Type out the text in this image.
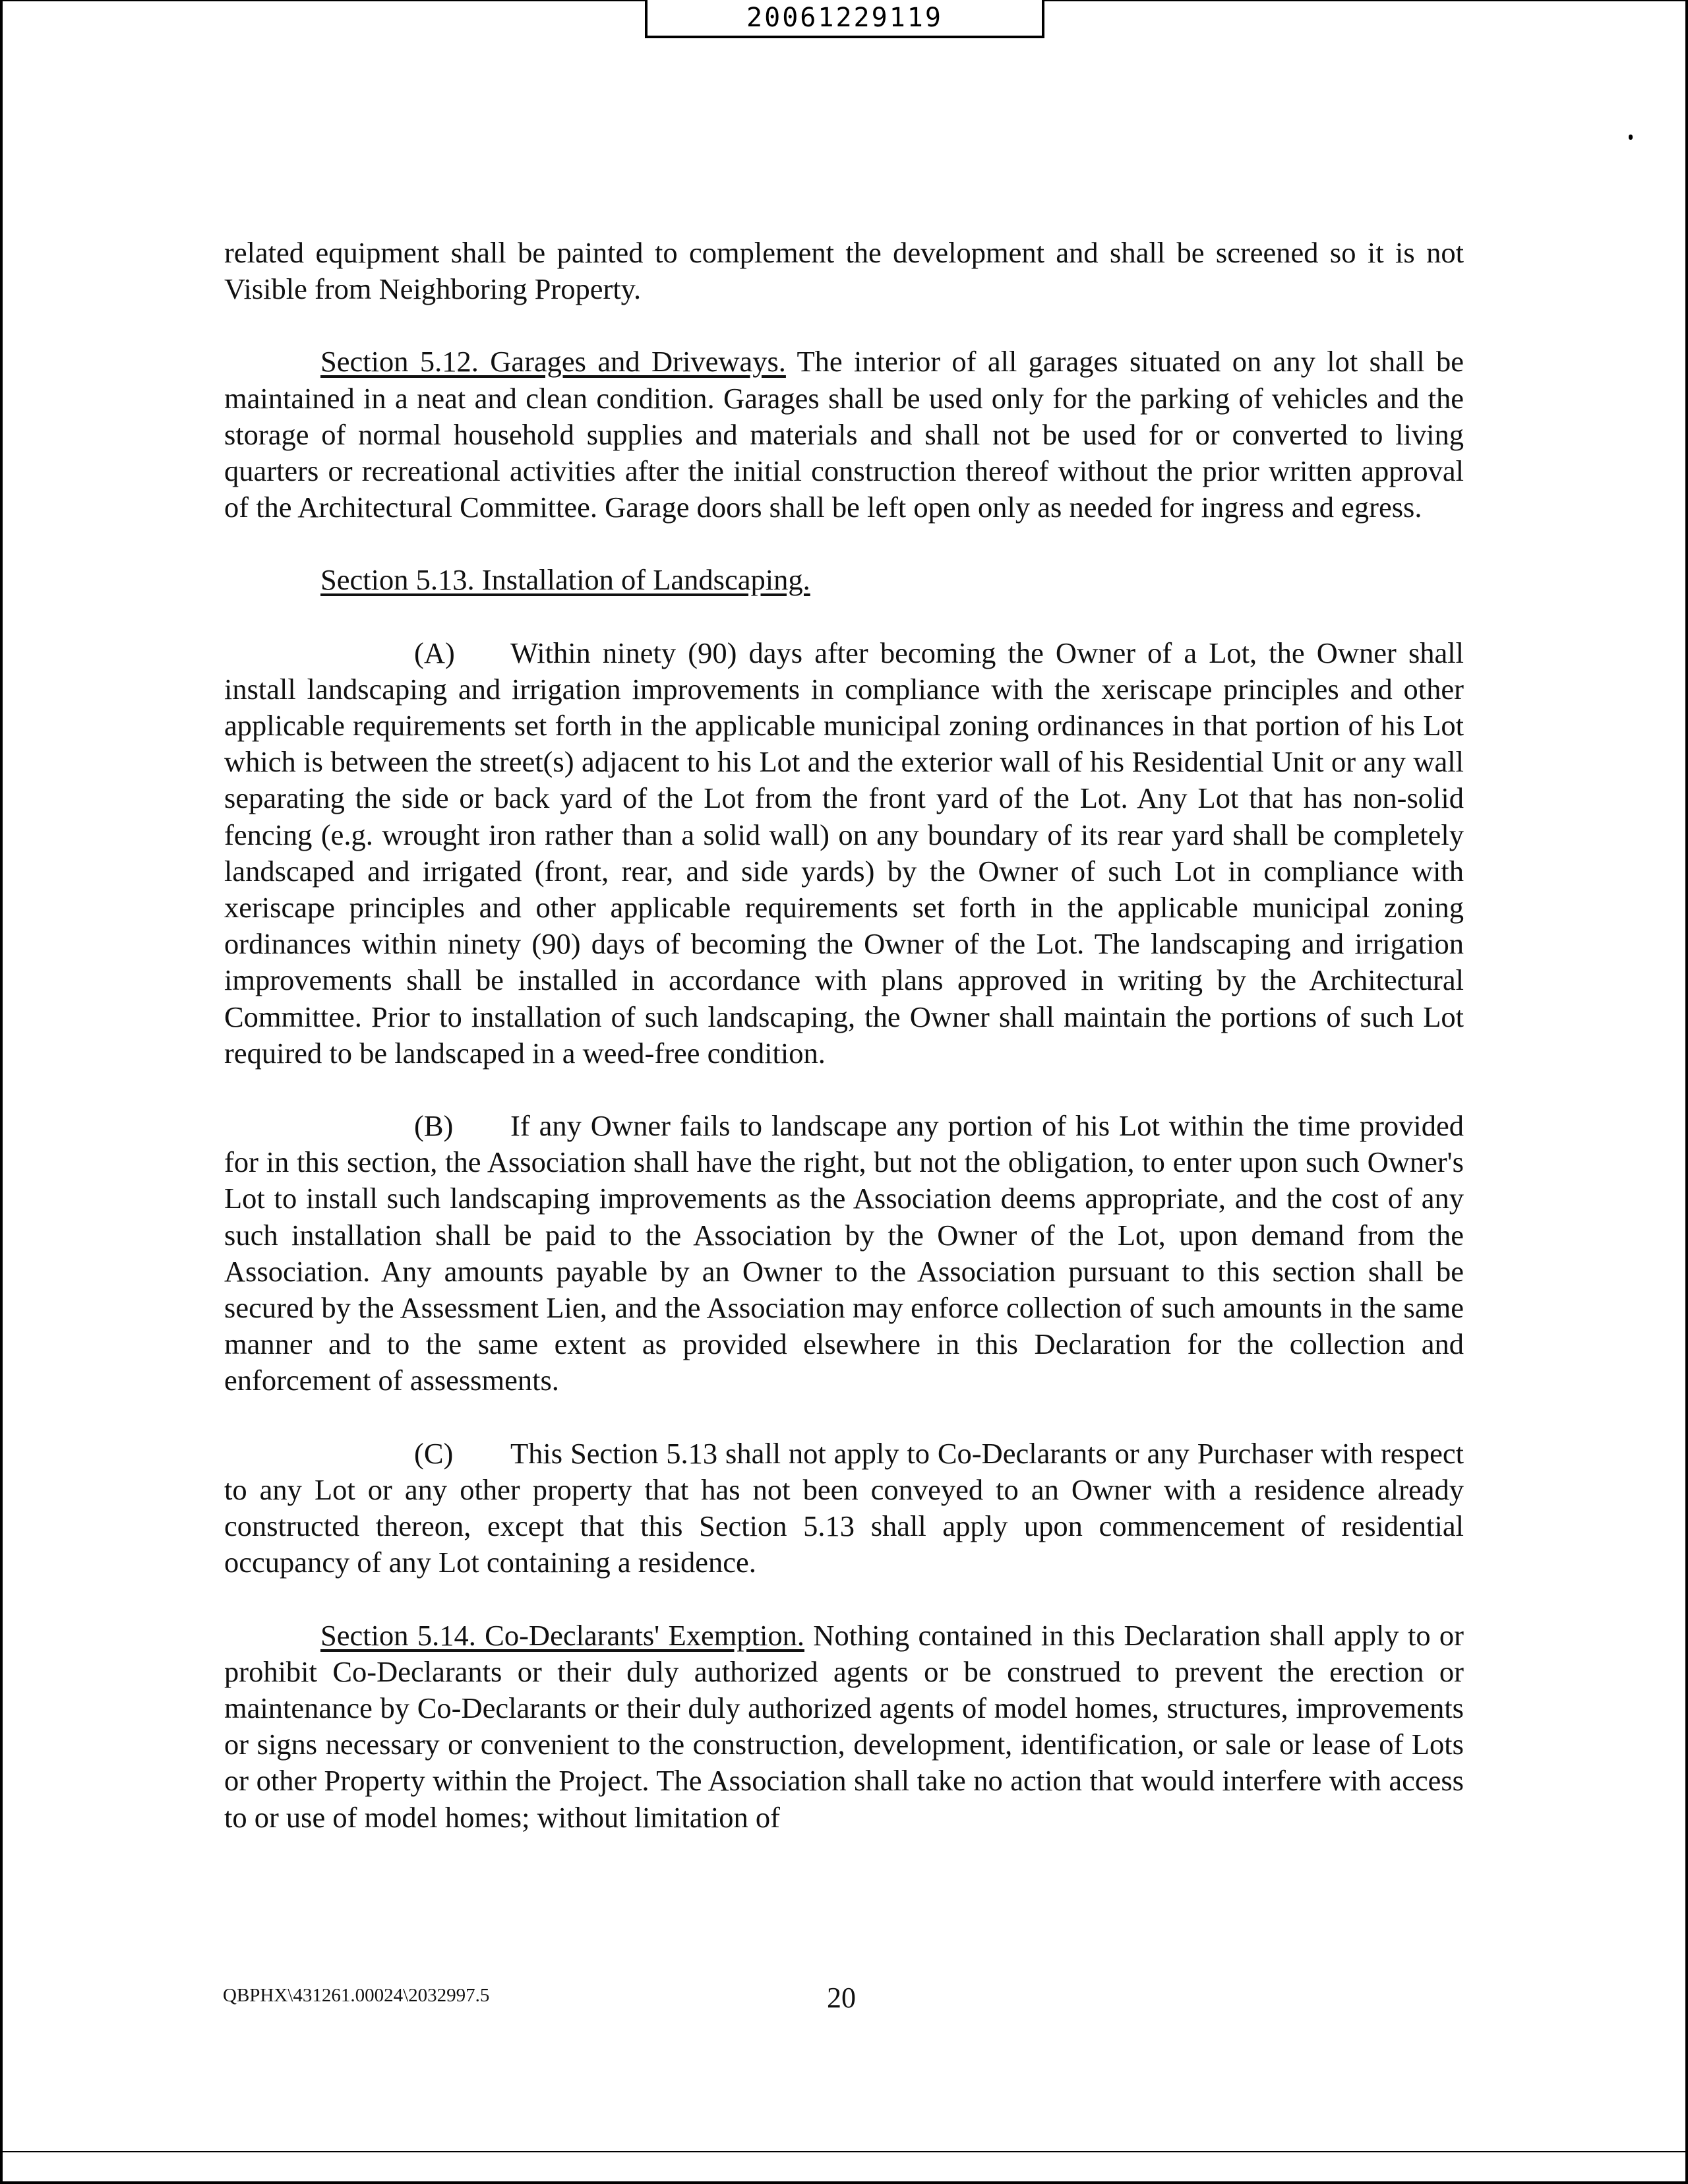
20061229119

related equipment shall be painted to complement the development and shall be screened so it is not Visible from Neighboring Property.

Section 5.12. Garages and Driveways. The interior of all garages situated on any lot shall be maintained in a neat and clean condition. Garages shall be used only for the parking of vehicles and the storage of normal household supplies and materials and shall not be used for or converted to living quarters or recreational activities after the initial construction thereof without the prior written approval of the Architectural Committee. Garage doors shall be left open only as needed for ingress and egress.

Section 5.13. Installation of Landscaping.

(A) Within ninety (90) days after becoming the Owner of a Lot, the Owner shall install landscaping and irrigation improvements in compliance with the xeriscape principles and other applicable requirements set forth in the applicable municipal zoning ordinances in that portion of his Lot which is between the street(s) adjacent to his Lot and the exterior wall of his Residential Unit or any wall separating the side or back yard of the Lot from the front yard of the Lot. Any Lot that has non-solid fencing (e.g. wrought iron rather than a solid wall) on any boundary of its rear yard shall be completely landscaped and irrigated (front, rear, and side yards) by the Owner of such Lot in compliance with xeriscape principles and other applicable requirements set forth in the applicable municipal zoning ordinances within ninety (90) days of becoming the Owner of the Lot. The landscaping and irrigation improvements shall be installed in accordance with plans approved in writing by the Architectural Committee. Prior to installation of such landscaping, the Owner shall maintain the portions of such Lot required to be landscaped in a weed-free condition.

(B) If any Owner fails to landscape any portion of his Lot within the time provided for in this section, the Association shall have the right, but not the obligation, to enter upon such Owner's Lot to install such landscaping improvements as the Association deems appropriate, and the cost of any such installation shall be paid to the Association by the Owner of the Lot, upon demand from the Association. Any amounts payable by an Owner to the Association pursuant to this section shall be secured by the Assessment Lien, and the Association may enforce collection of such amounts in the same manner and to the same extent as provided elsewhere in this Declaration for the collection and enforcement of assessments.

(C) This Section 5.13 shall not apply to Co-Declarants or any Purchaser with respect to any Lot or any other property that has not been conveyed to an Owner with a residence already constructed thereon, except that this Section 5.13 shall apply upon commencement of residential occupancy of any Lot containing a residence.

Section 5.14. Co-Declarants' Exemption. Nothing contained in this Declaration shall apply to or prohibit Co-Declarants or their duly authorized agents or be construed to prevent the erection or maintenance by Co-Declarants or their duly authorized agents of model homes, structures, improvements or signs necessary or convenient to the construction, development, identification, or sale or lease of Lots or other Property within the Project. The Association shall take no action that would interfere with access to or use of model homes; without limitation of

QBPHX\431261.00024\2032997.5	20
